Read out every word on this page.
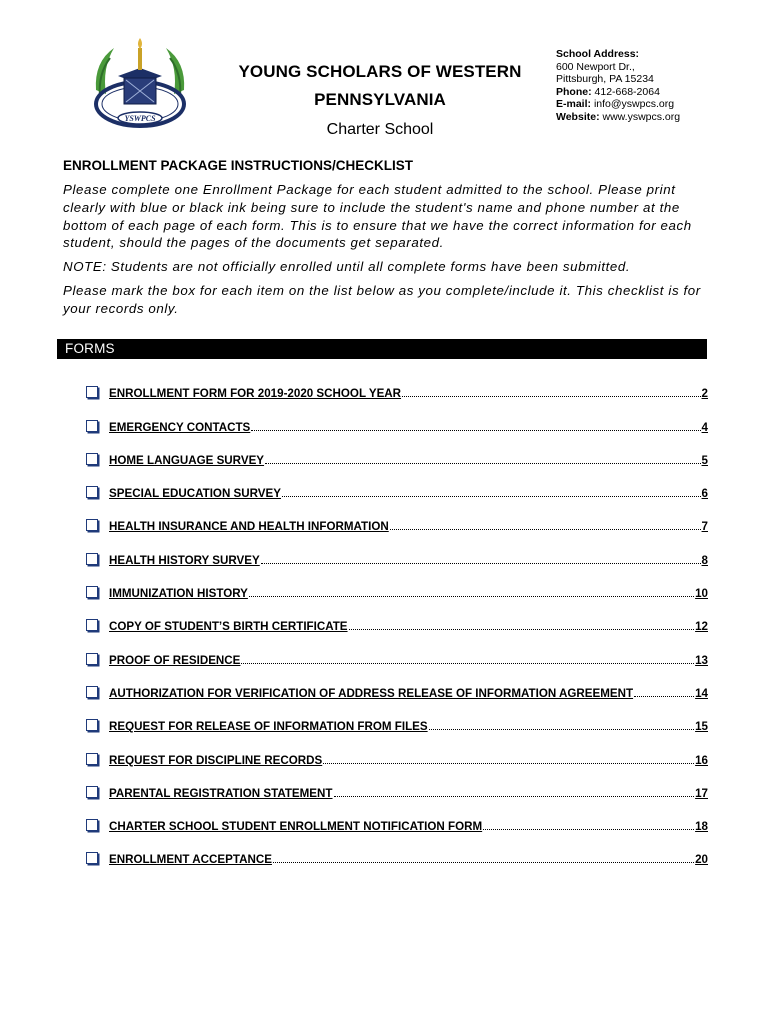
YSWPCS
YOUNG SCHOLARS OF WESTERN
PENNSYLVANIA
Charter School
School Address:
600 Newport Dr.,
Pittsburgh, PA 15234
Phone: 412-668-2064
E-mail: info@yswpcs.org
Website: www.yswpcs.org
ENROLLMENT PACKAGE INSTRUCTIONS/CHECKLIST

Please complete one Enrollment Package for each student admitted to the school. Please print clearly with blue or black ink being sure to include the student's name and phone number at the bottom of each page of each form. This is to ensure that we have the correct information for each student, should the pages of the documents get separated.

NOTE: Students are not officially enrolled until all complete forms have been submitted.

Please mark the box for each item on the list below as you complete/include it. This checklist is for your records only.

FORMS
ENROLLMENT FORM FOR 2019-2020 SCHOOL YEAR	2
EMERGENCY CONTACTS	4
HOME LANGUAGE SURVEY	5
SPECIAL EDUCATION SURVEY	6
HEALTH INSURANCE AND HEALTH INFORMATION	7
HEALTH HISTORY SURVEY	8
IMMUNIZATION HISTORY	10
COPY OF STUDENT’S BIRTH CERTIFICATE	12
PROOF OF RESIDENCE	13
AUTHORIZATION FOR VERIFICATION OF ADDRESS RELEASE OF INFORMATION AGREEMENT	14
REQUEST FOR RELEASE OF INFORMATION FROM FILES	15
REQUEST FOR DISCIPLINE RECORDS	16
PARENTAL REGISTRATION STATEMENT	17
CHARTER SCHOOL STUDENT ENROLLMENT NOTIFICATION FORM	18
ENROLLMENT ACCEPTANCE	20
